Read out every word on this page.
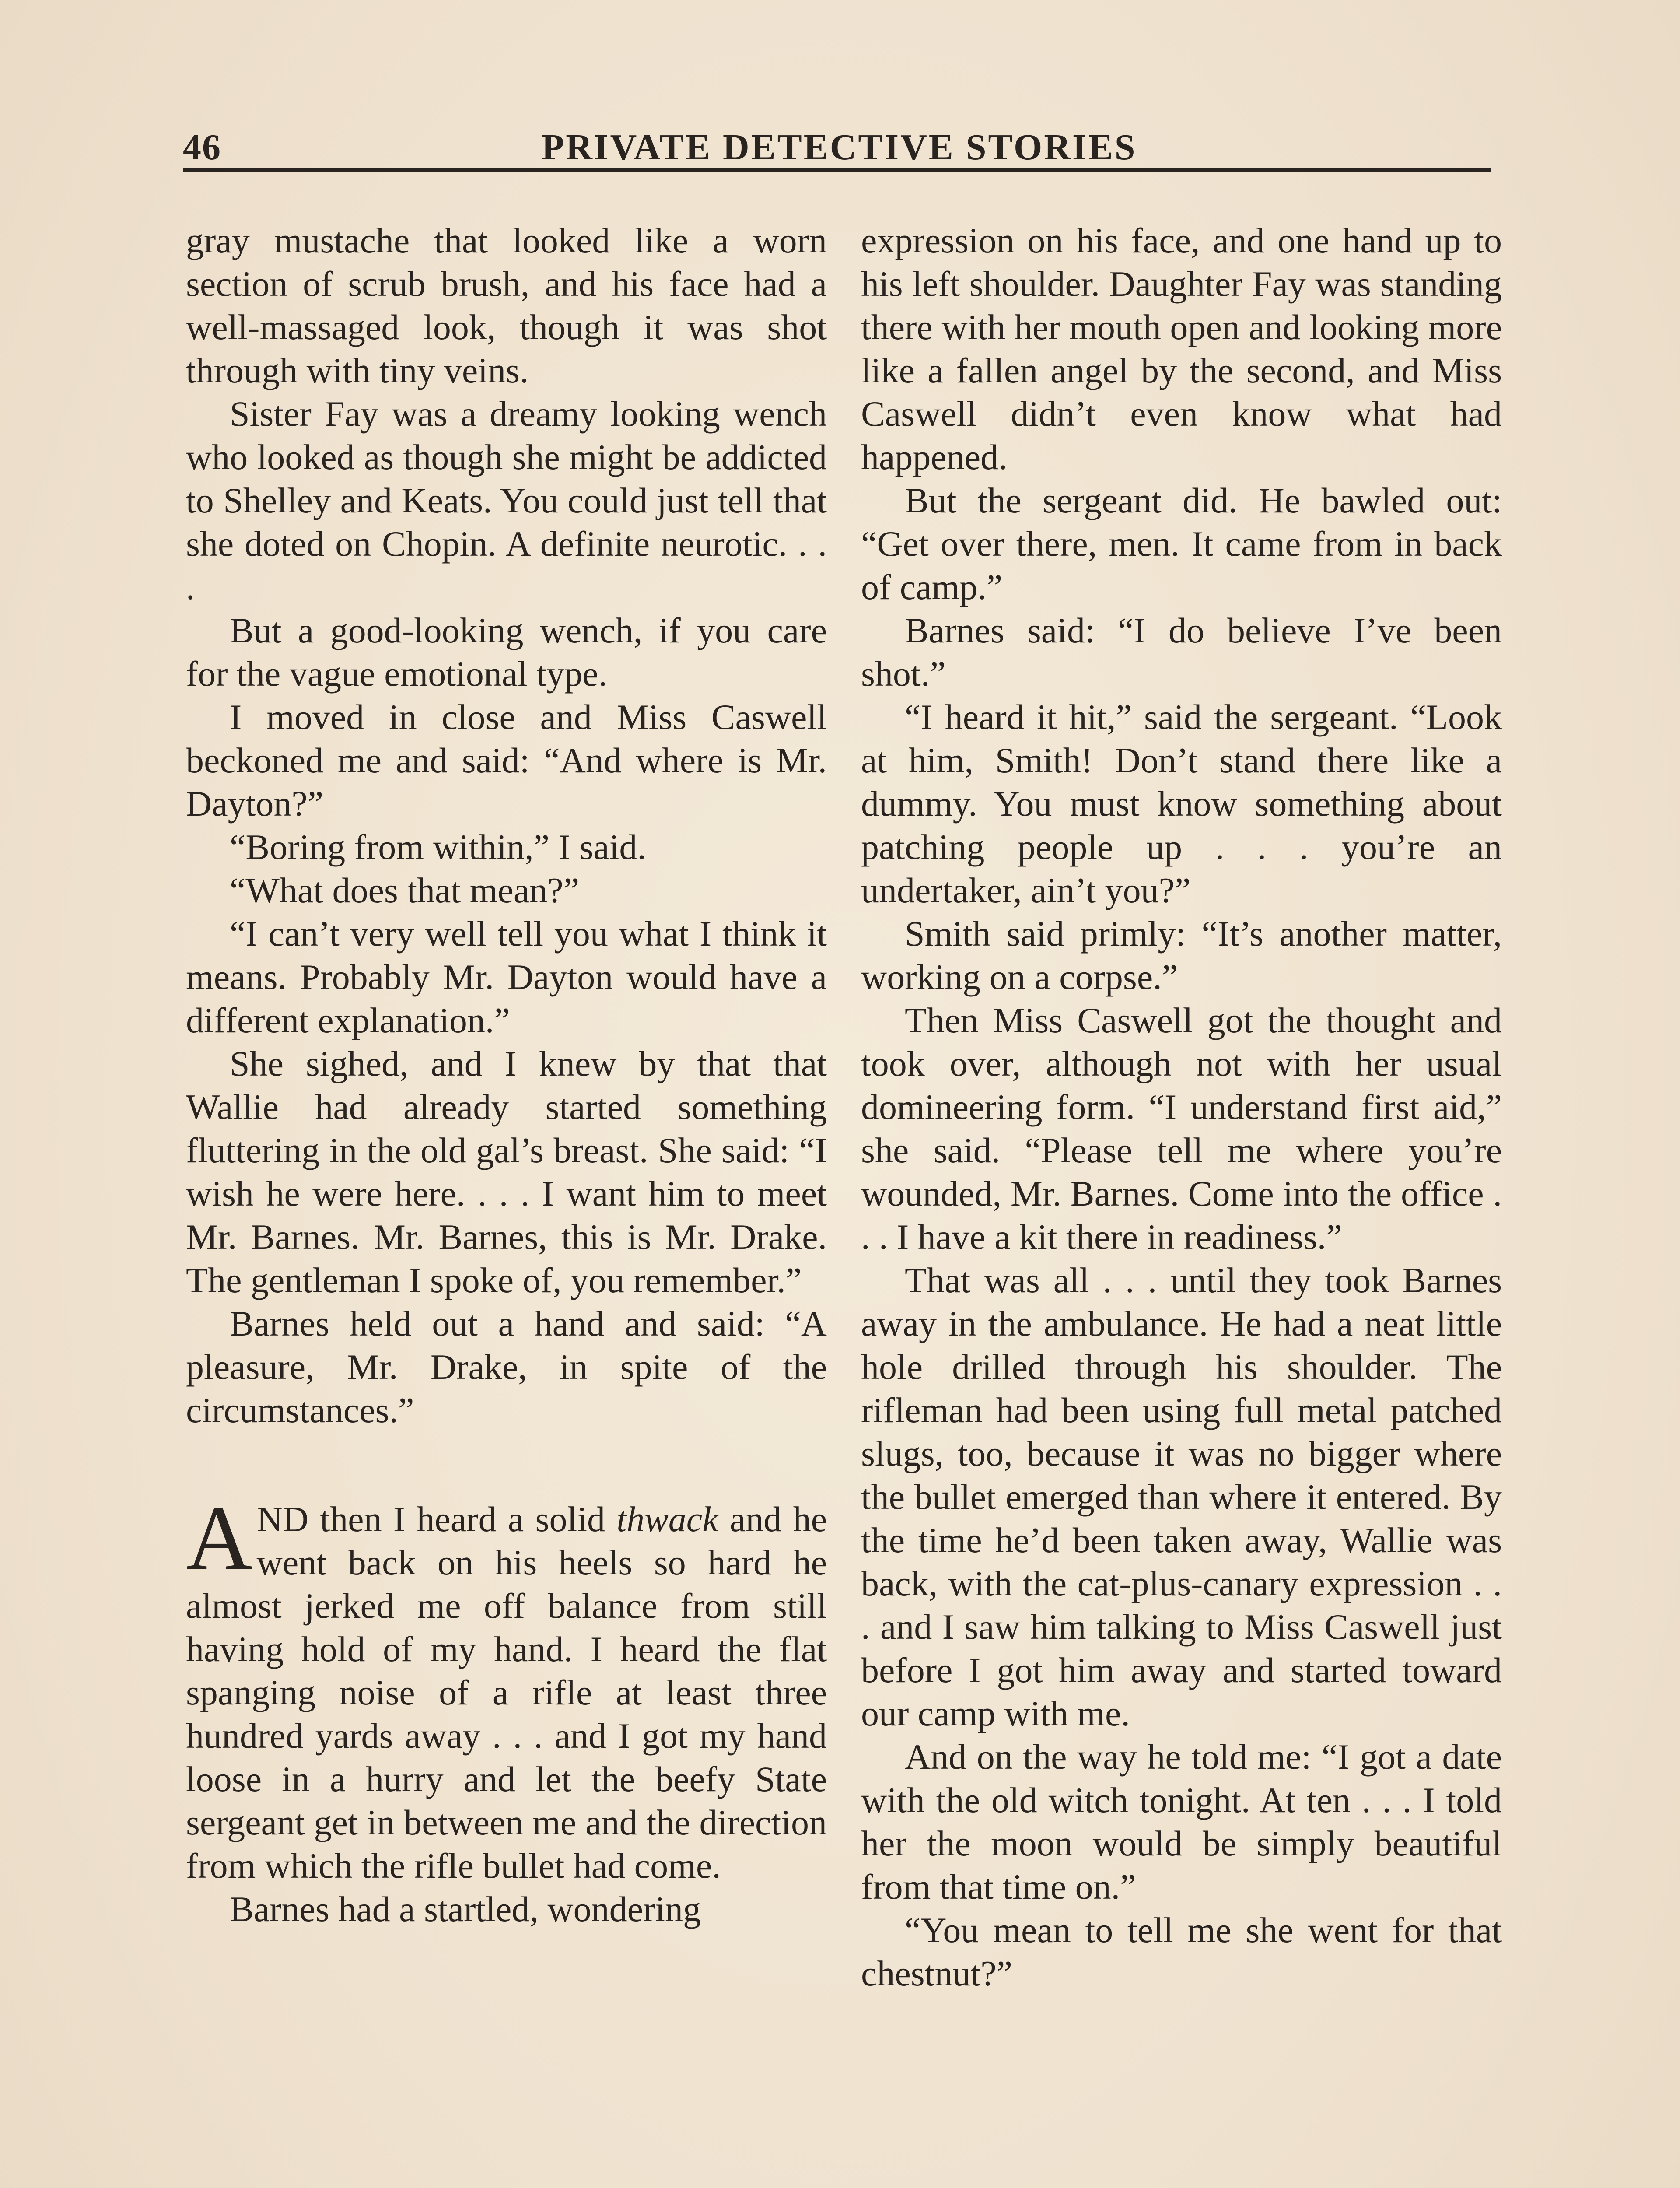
46	PRIVATE DETECTIVE STORIES

gray mustache that looked like a worn section of scrub brush, and his face had a well-massaged look, though it was shot through with tiny veins.

Sister Fay was a dreamy looking wench who looked as though she might be addicted to Shelley and Keats. You could just tell that she doted on Chopin. A definite neurotic. . . .

But a good-looking wench, if you care for the vague emotional type.

I moved in close and Miss Caswell beckoned me and said: “And where is Mr. Dayton?”

“Boring from within,” I said.

“What does that mean?”

“I can’t very well tell you what I think it means. Probably Mr. Dayton would have a different explanation.”

She sighed, and I knew by that that Wallie had already started something fluttering in the old gal’s breast. She said: “I wish he were here. . . . I want him to meet Mr. Barnes. Mr. Barnes, this is Mr. Drake. The gentleman I spoke of, you remember.”

Barnes held out a hand and said: “A pleasure, Mr. Drake, in spite of the circumstances.”

AND then I heard a solid thwack and he went back on his heels so hard he almost jerked me off balance from still having hold of my hand. I heard the flat spanging noise of a rifle at least three hundred yards away . . . and I got my hand loose in a hurry and let the beefy State sergeant get in between me and the direction from which the rifle bullet had come.

Barnes had a startled, wondering

expression on his face, and one hand up to his left shoulder. Daughter Fay was standing there with her mouth open and looking more like a fallen angel by the second, and Miss Caswell didn’t even know what had happened.

But the sergeant did. He bawled out: “Get over there, men. It came from in back of camp.”

Barnes said: “I do believe I’ve been shot.”

“I heard it hit,” said the sergeant. “Look at him, Smith! Don’t stand there like a dummy. You must know something about patching people up . . . you’re an undertaker, ain’t you?”

Smith said primly: “It’s another matter, working on a corpse.”

Then Miss Caswell got the thought and took over, although not with her usual domineering form. “I understand first aid,” she said. “Please tell me where you’re wounded, Mr. Barnes. Come into the office . . . I have a kit there in readiness.”

That was all . . . until they took Barnes away in the ambulance. He had a neat little hole drilled through his shoulder. The rifleman had been using full metal patched slugs, too, because it was no bigger where the bullet emerged than where it entered. By the time he’d been taken away, Wallie was back, with the cat-plus-canary expression . . . and I saw him talking to Miss Caswell just before I got him away and started toward our camp with me.

And on the way he told me: “I got a date with the old witch tonight. At ten . . . I told her the moon would be simply beautiful from that time on.”

“You mean to tell me she went for that chestnut?”
